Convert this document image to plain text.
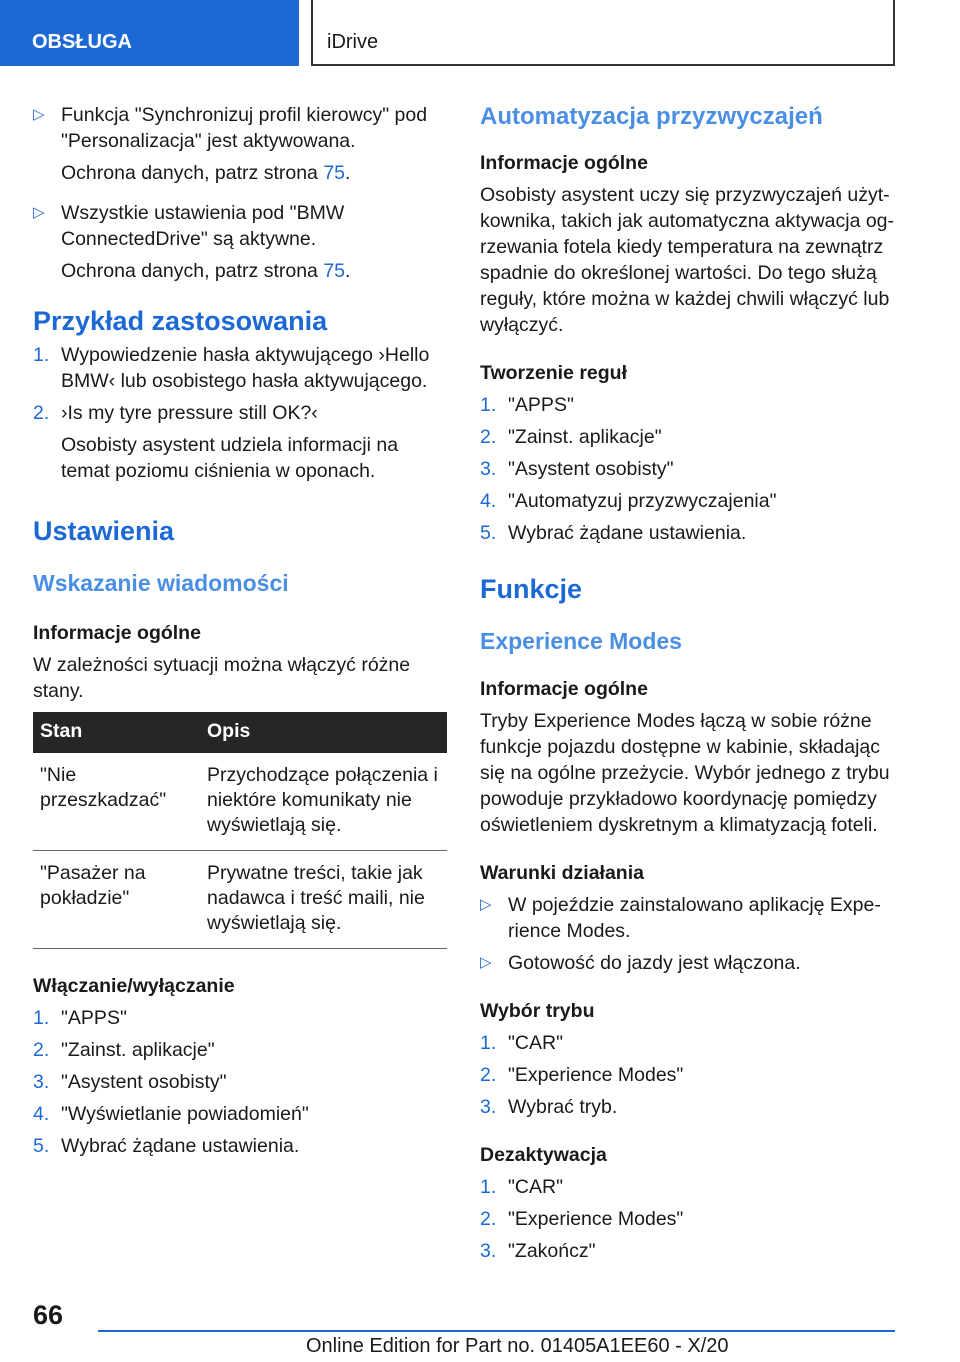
OBSŁUGA	iDrive
▷ Funkcja "Synchronizuj profil kierowcy" pod "Personalizacja" jest aktywowana.
Ochrona danych, patrz strona 75.
▷ Wszystkie ustawienia pod "BMW ConnectedDrive" są aktywne.
Ochrona danych, patrz strona 75.
Przykład zastosowania
1. Wypowiedzenie hasła aktywującego ›Hello BMW‹ lub osobistego hasła aktywującego.
2. ›Is my tyre pressure still OK?‹
Osobisty asystent udziela informacji na temat poziomu ciśnienia w oponach.
Ustawienia
Wskazanie wiadomości
Informacje ogólne
W zależności sytuacji można włączyć różne stany.
Stan	Opis
"Nie przeszkadzać"	Przychodzące połączenia i niektóre komunikaty nie wyświetlają się.
"Pasażer na pokładzie"	Prywatne treści, takie jak nadawca i treść maili, nie wyświetlają się.
Włączanie/wyłączanie
1. "APPS"
2. "Zainst. aplikacje"
3. "Asystent osobisty"
4. "Wyświetlanie powiadomień"
5. Wybrać żądane ustawienia.
Automatyzacja przyzwyczajeń
Informacje ogólne
Osobisty asystent uczy się przyzwyczajeń użytkownika, takich jak automatyczna aktywacja ogrzewania fotela kiedy temperatura na zewnątrz spadnie do określonej wartości. Do tego służą reguły, które można w każdej chwili włączyć lub wyłączyć.
Tworzenie reguł
1. "APPS"
2. "Zainst. aplikacje"
3. "Asystent osobisty"
4. "Automatyzuj przyzwyczajenia"
5. Wybrać żądane ustawienia.
Funkcje
Experience Modes
Informacje ogólne
Tryby Experience Modes łączą w sobie różne funkcje pojazdu dostępne w kabinie, składając się na ogólne przeżycie. Wybór jednego z trybu powoduje przykładowo koordynację pomiędzy oświetleniem dyskretnym a klimatyzacją foteli.
Warunki działania
▷ W pojeździe zainstalowano aplikację Experience Modes.
▷ Gotowość do jazdy jest włączona.
Wybór trybu
1. "CAR"
2. "Experience Modes"
3. Wybrać tryb.
Dezaktywacja
1. "CAR"
2. "Experience Modes"
3. "Zakończ"
66
Online Edition for Part no. 01405A1EE60 - X/20
